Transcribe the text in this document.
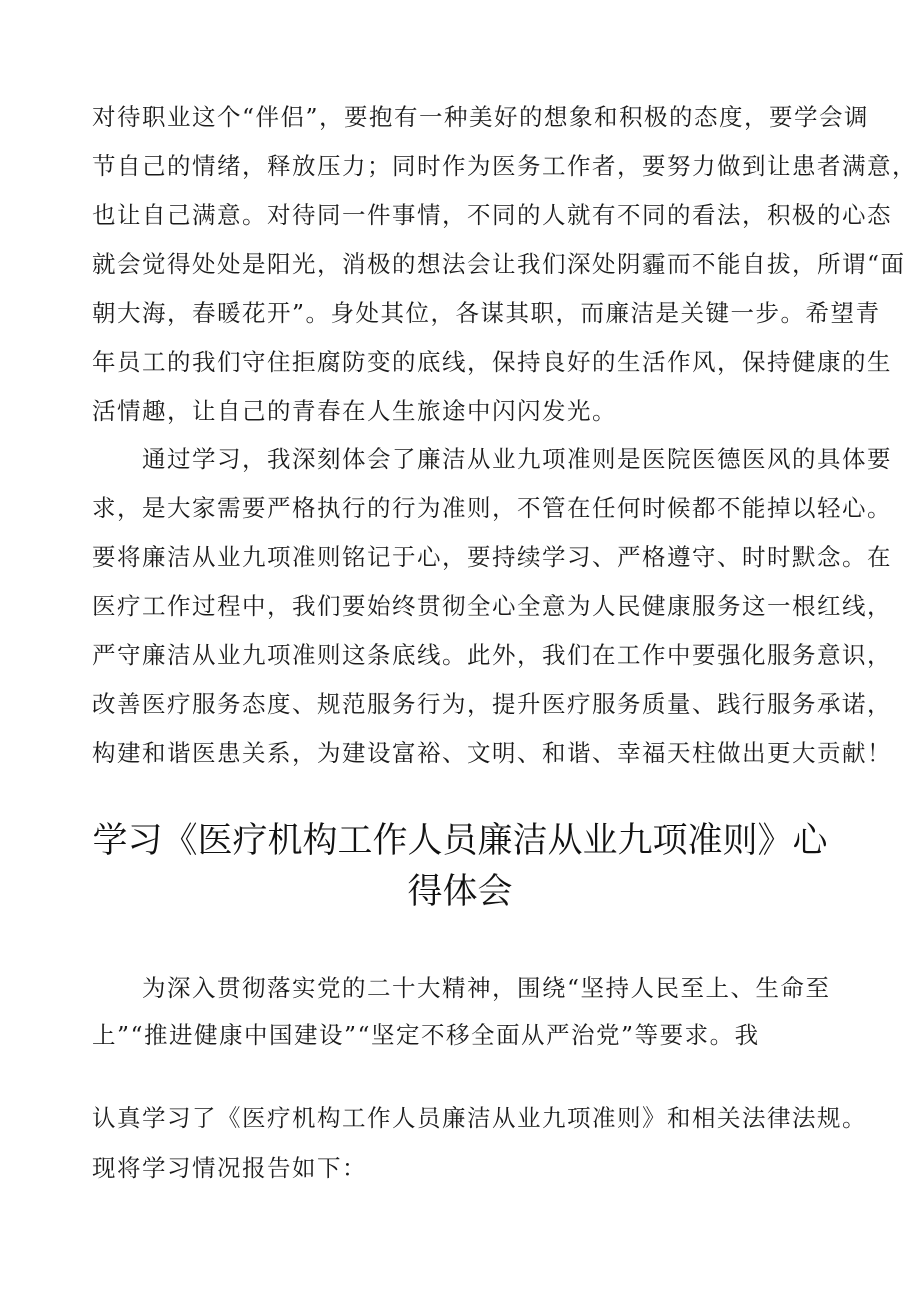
对待职业这个“伴侣”，要抱有一种美好的想象和积极的态度，要学会调
节自己的情绪，释放压力；同时作为医务工作者，要努力做到让患者满意，
也让自己满意。对待同一件事情，不同的人就有不同的看法，积极的心态
就会觉得处处是阳光，消极的想法会让我们深处阴霾而不能自拔，所谓“面
朝大海，春暖花开”。身处其位，各谋其职，而廉洁是关键一步。希望青
年员工的我们守住拒腐防变的底线，保持良好的生活作风，保持健康的生
活情趣，让自己的青春在人生旅途中闪闪发光。
通过学习，我深刻体会了廉洁从业九项准则是医院医德医风的具体要
求，是大家需要严格执行的行为准则，不管在任何时候都不能掉以轻心。
要将廉洁从业九项准则铭记于心，要持续学习、严格遵守、时时默念。在
医疗工作过程中，我们要始终贯彻全心全意为人民健康服务这一根红线，
严守廉洁从业九项准则这条底线。此外，我们在工作中要强化服务意识，
改善医疗服务态度、规范服务行为，提升医疗服务质量、践行服务承诺，
构建和谐医患关系，为建设富裕、文明、和谐、幸福天柱做出更大贡献！
学习《医疗机构工作人员廉洁从业九项准则》心
得体会
为深入贯彻落实党的二十大精神，围绕“坚持人民至上、生命至
上”“推进健康中国建设”“坚定不移全面从严治党”等要求。我
认真学习了《医疗机构工作人员廉洁从业九项准则》和相关法律法规。
现将学习情况报告如下：
